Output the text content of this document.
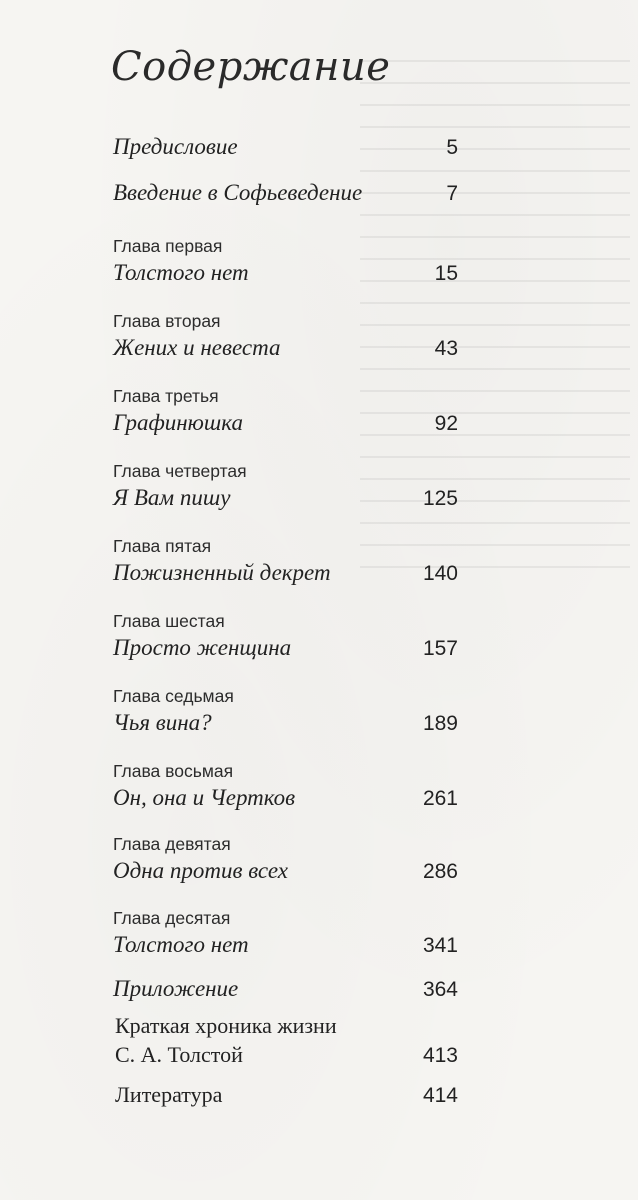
Содержание
Предисловие	5
Введение в Софьеведение	7
Глава первая
Толстого нет	15
Глава вторая
Жених и невеста	43
Глава третья
Графинюшка	92
Глава четвертая
Я Вам пишу	125
Глава пятая
Пожизненный декрет	140
Глава шестая
Просто женщина	157
Глава седьмая
Чья вина?	189
Глава восьмая
Он, она и Чертков	261
Глава девятая
Одна против всех	286
Глава десятая
Толстого нет	341
Приложение	364
Краткая хроника жизни
С. А. Толстой	413
Литература	414
